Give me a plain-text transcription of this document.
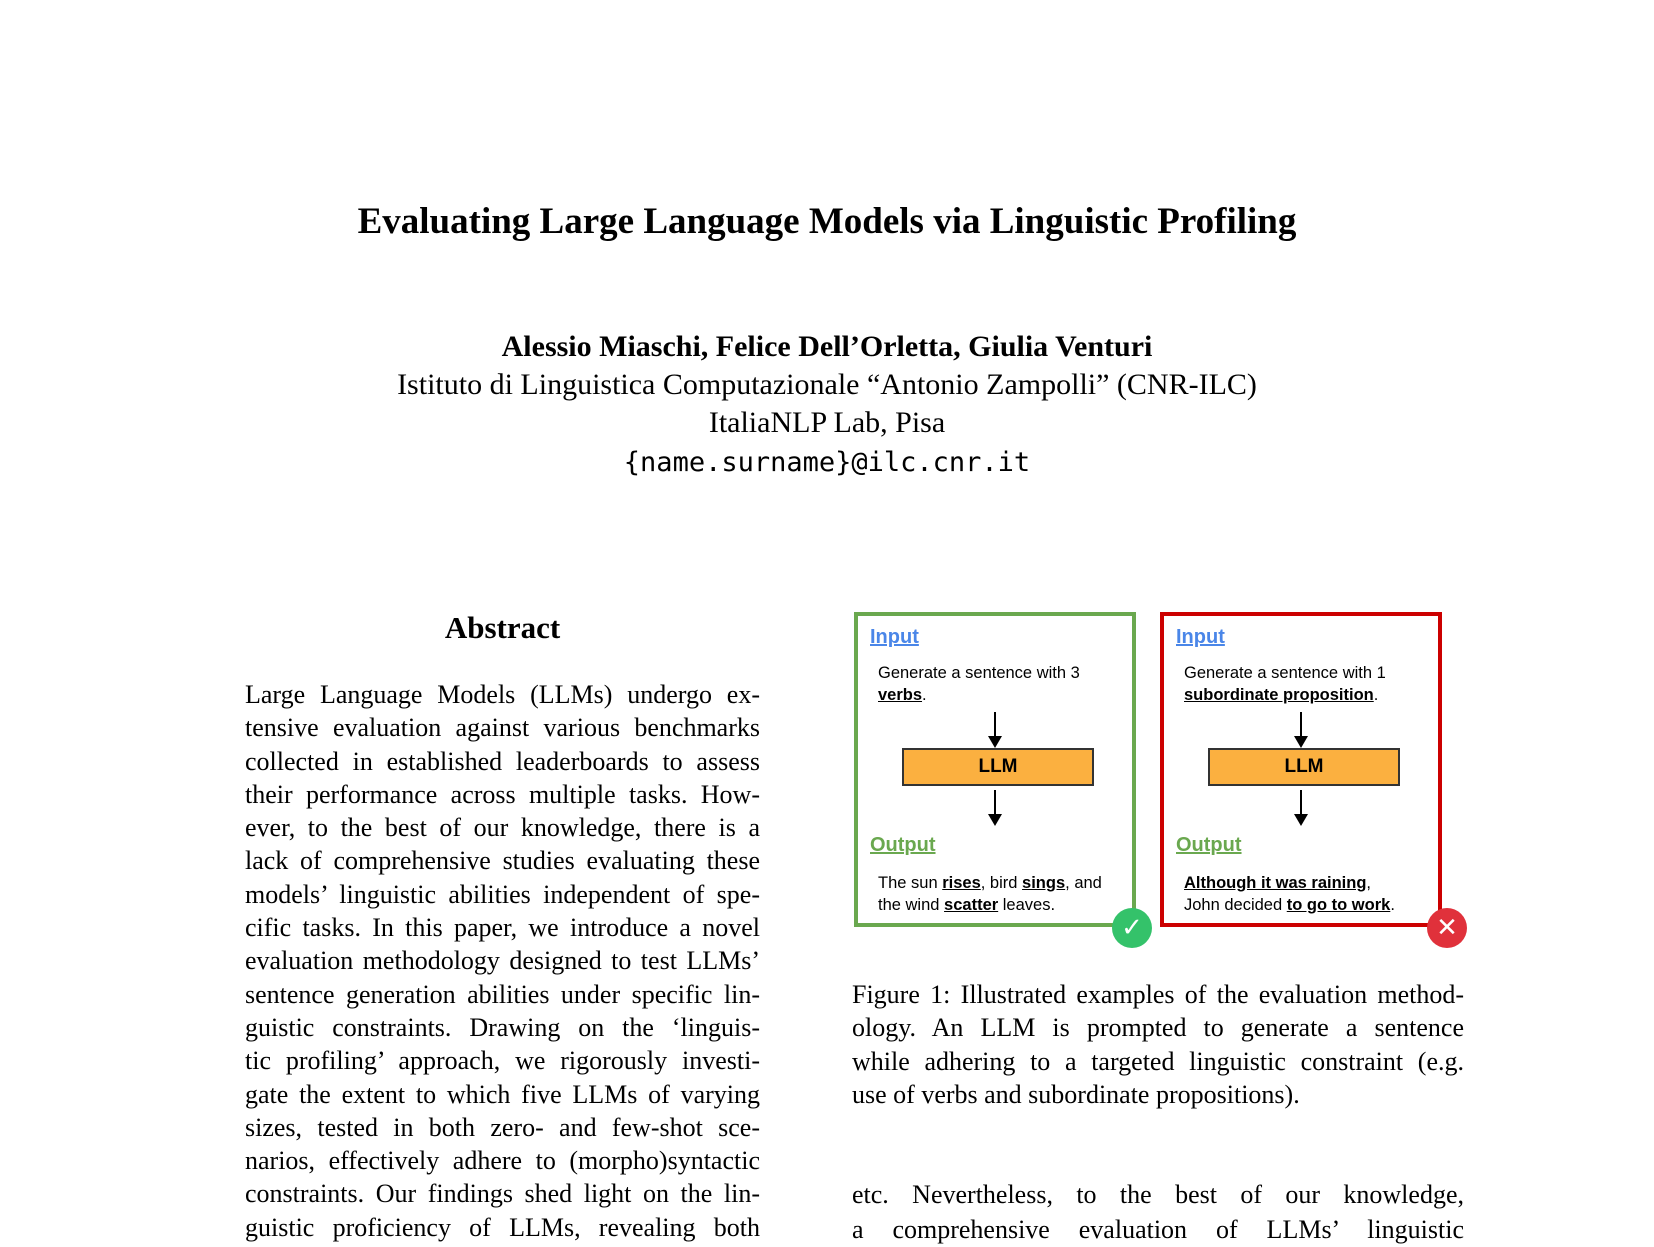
Evaluating Large Language Models via Linguistic Profiling
Alessio Miaschi, Felice Dell’Orletta, Giulia Venturi
Istituto di Linguistica Computazionale “Antonio Zampolli” (CNR-ILC)
ItaliaNLP Lab, Pisa
{name.surname}@ilc.cnr.it
Abstract
Large Language Models (LLMs) undergo ex-
tensive evaluation against various benchmarks
collected in established leaderboards to assess
their performance across multiple tasks. How-
ever, to the best of our knowledge, there is a
lack of comprehensive studies evaluating these
models’ linguistic abilities independent of spe-
cific tasks. In this paper, we introduce a novel
evaluation methodology designed to test LLMs’
sentence generation abilities under specific lin-
guistic constraints. Drawing on the ‘linguis-
tic profiling’ approach, we rigorously investi-
gate the extent to which five LLMs of varying
sizes, tested in both zero- and few-shot sce-
narios, effectively adhere to (morpho)syntactic
constraints. Our findings shed light on the lin-
guistic proficiency of LLMs, revealing both
Input
Generate a sentence with 3
verbs.
LLM
Output
The sun rises, bird sings, and
the wind scatter leaves.
✓
Input
Generate a sentence with 1
subordinate proposition.
LLM
Output
Although it was raining,
John decided to go to work.
✕
Figure 1: Illustrated examples of the evaluation method-
ology. An LLM is prompted to generate a sentence
while adhering to a targeted linguistic constraint (e.g.
use of verbs and subordinate propositions).
etc. Nevertheless, to the best of our knowledge,
a comprehensive evaluation of LLMs’ linguistic
